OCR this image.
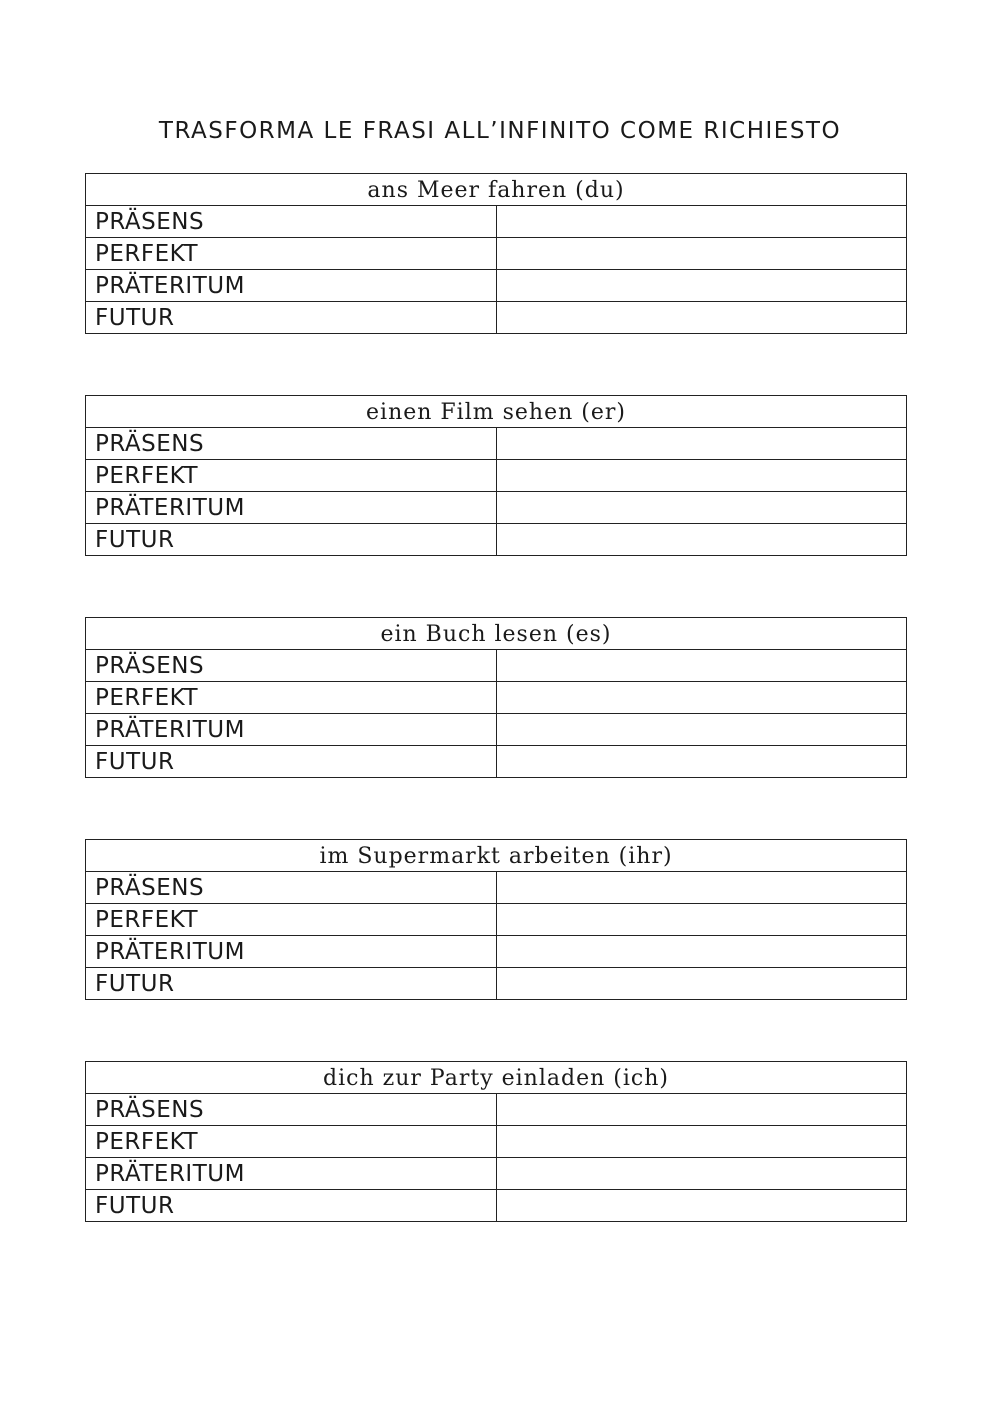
TRASFORMA LE FRASI ALL’INFINITO COME RICHIESTO
ans Meer fahren (du)	
PRÄSENS	
PERFEKT	
PRÄTERITUM	
FUTUR	
einen Film sehen (er)	
PRÄSENS	
PERFEKT	
PRÄTERITUM	
FUTUR	
ein Buch lesen (es)	
PRÄSENS	
PERFEKT	
PRÄTERITUM	
FUTUR	
im Supermarkt arbeiten (ihr)	
PRÄSENS	
PERFEKT	
PRÄTERITUM	
FUTUR	
dich zur Party einladen (ich)	
PRÄSENS	
PERFEKT	
PRÄTERITUM	
FUTUR	
